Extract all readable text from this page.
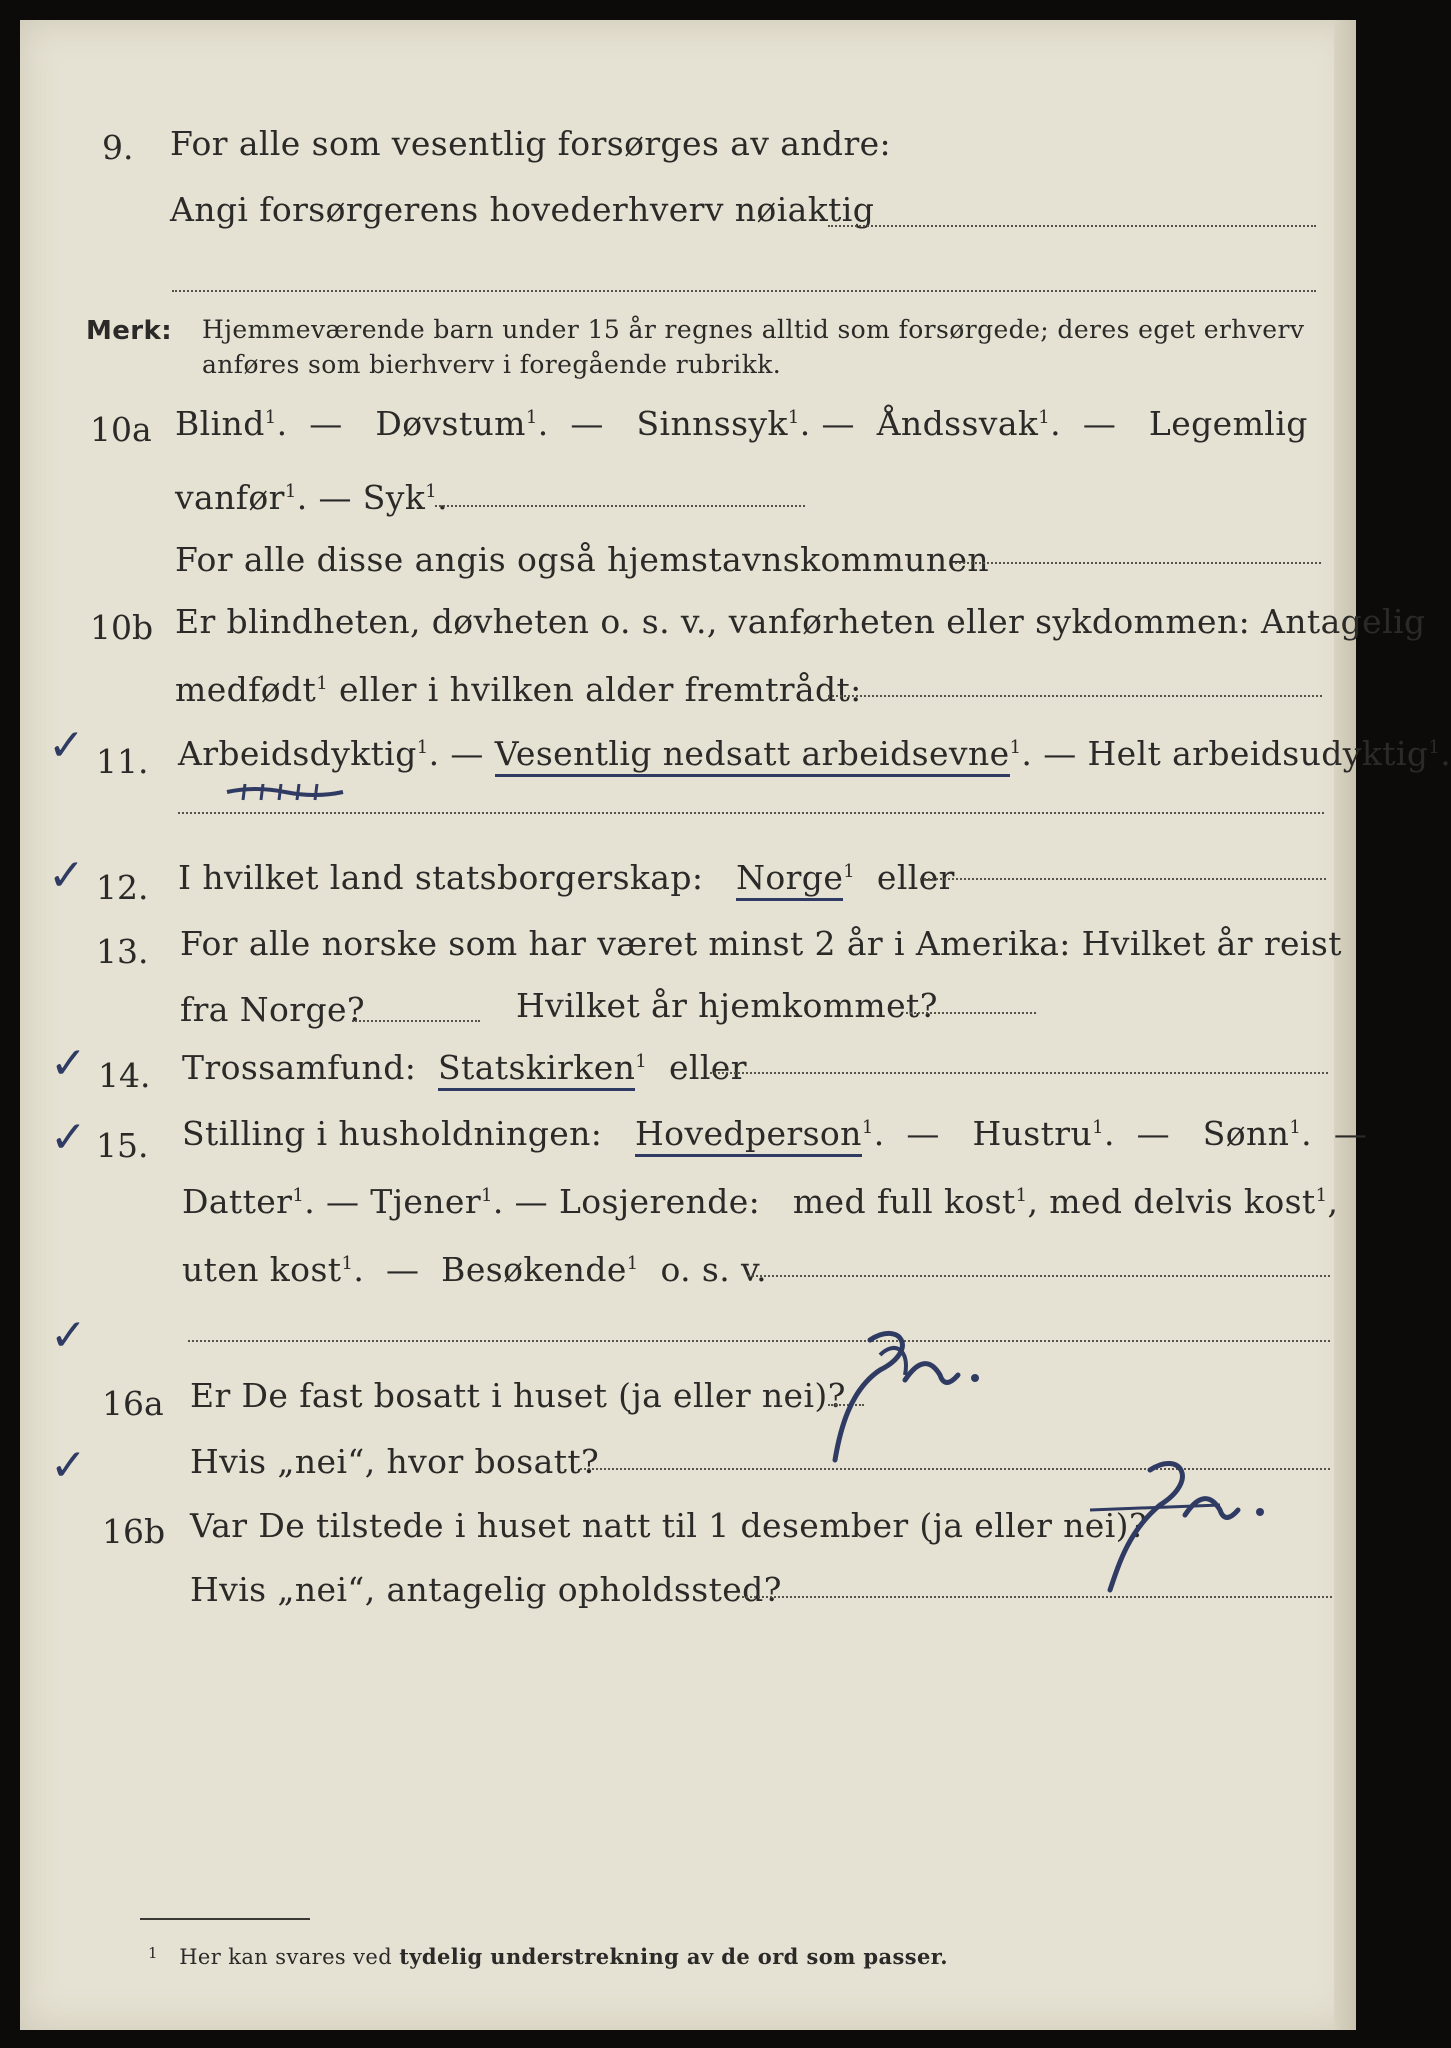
9. For alle som vesentlig forsørges av andre:
Angi forsørgerens hovederhverv nøiaktig
Merk: Hjemmeværende barn under 15 år regnes alltid som forsørgede; deres eget erhverv
anføres som bierhverv i foregående rubrikk.
10a Blind$^1$.  —   Døvstum$^1$.  —   Sinnssyk$^1$. —  Åndssvak$^1$.  —   Legemlig
vanfør$^1$. — Syk$^1$.
For alle disse angis også hjemstavnskommunen
10b Er blindheten, døvheten o. s. v., vanførheten eller sykdommen: Antagelig
medfødt$^1$ eller i hvilken alder fremtrådt:
✓ 11. Arbeidsdyktig$^1$. — Vesentlig nedsatt arbeidsevne$^1$. — Helt arbeidsudyktig$^1$.
✓ 12. I hvilket land statsborgerskap: Norge$^1$ eller
13. For alle norske som har været minst 2 år i Amerika: Hvilket år reist
fra Norge?	Hvilket år hjemkommet?
✓ 14. Trossamfund: Statskirken$^1$ eller
✓ 15. Stilling i husholdningen: Hovedperson$^1$.  —   Hustru$^1$.  —   Sønn$^1$.  —
Datter$^1$. — Tjener$^1$. — Losjerende: med full kost$^1$, med delvis kost$^1$,
uten kost$^1$.  —  Besøkende$^1$ o. s. v.
✓
16a Er De fast bosatt i huset (ja eller nei)?
✓	Hvis „nei“, hvor bosatt?
16b Var De tilstede i huset natt til 1 desember (ja eller nei)?
Hvis „nei“, antagelig opholdssted?
$^1$ Her kan svares ved tydelig understrekning av de ord som passer.
